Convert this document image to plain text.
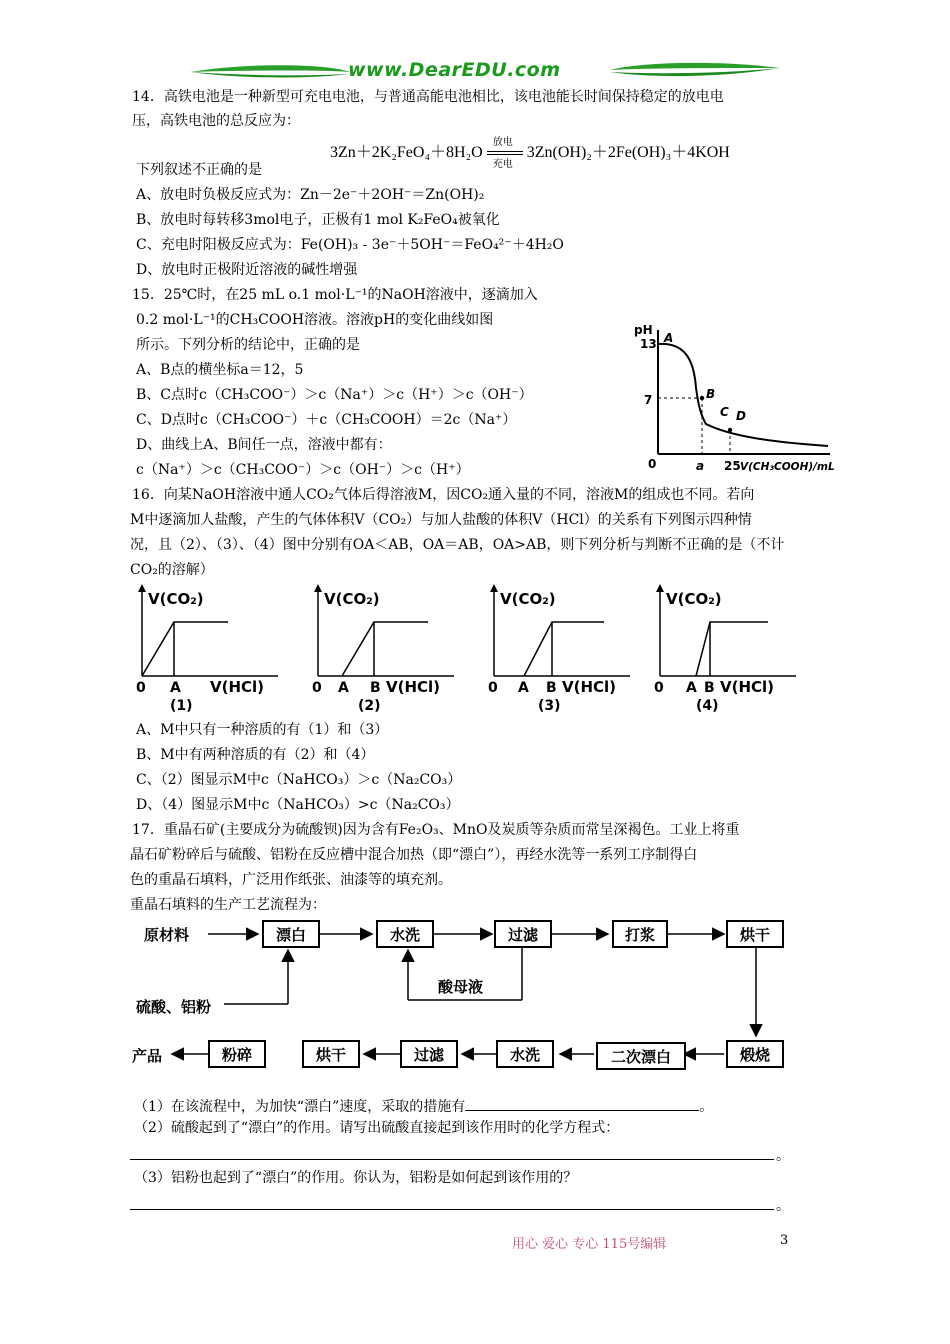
www.DearEDU.com
14．高铁电池是一种新型可充电电池，与普通高能电池相比，该电池能长时间保持稳定的放电电
压，高铁电池的总反应为：
3Zn＋2K₂FeO₄＋8H₂O
放电
充电
3Zn(OH)₂＋2Fe(OH)₃＋4KOH
下列叙述不正确的是
A、放电时负极反应式为：Zn－2e⁻＋2OH⁻＝Zn(OH)₂
B、放电时每转移3mol电子，正极有1 mol K₂FeO₄被氧化
C、充电时阳极反应式为：Fe(OH)₃ - 3e⁻＋5OH⁻＝FeO₄²⁻＋4H₂O
D、放电时正极附近溶液的碱性增强
15．25℃时，在25 mL o.1 mol·L⁻¹的NaOH溶液中，逐滴加入
0.2 mol·L⁻¹的CH₃COOH溶液。溶液pH的变化曲线如图
所示。下列分析的结论中，正确的是
A、B点的横坐标a＝12，5
B、C点时c（CH₃COO⁻）＞c（Na⁺）＞c（H⁺）＞c（OH⁻）
C、D点时c（CH₃COO⁻）＋c（CH₃COOH）＝2c（Na⁺）
D、曲线上A、B间任一点，溶液中都有：
c（Na⁺）＞c（CH₃COO⁻）＞c（OH⁻）＞c（H⁺）
pH
13
7
0	a 25 V(CH₃COOH)/mL
A
B
C D
16．向某NaOH溶液中通人CO₂气体后得溶液M，因CO₂通入量的不同，溶液M的组成也不同。若向
M中逐滴加人盐酸，产生的气体体积V（CO₂）与加人盐酸的体积V（HCl）的关系有下列图示四种情
况，且（2）、（3）、（4）图中分别有OA＜AB，OA＝AB，OA>AB，则下列分析与判断不正确的是（不计
CO₂的溶解）
V(CO₂)
0 A V(HCl)
(1)
V(CO₂)
0 A B V(HCl)
(2)
V(CO₂)
0 A B V(HCl)
(3)
V(CO₂)
0 A B V(HCl)
(4)
A、M中只有一种溶质的有（1）和（3）
B、M中有两种溶质的有（2）和（4）
C、（2）图显示M中c（NaHCO₃）＞c（Na₂CO₃）
D、（4）图显示M中c（NaHCO₃）>c（Na₂CO₃）
17．重晶石矿(主要成分为硫酸钡)因为含有Fe₂O₃、MnO及炭质等杂质而常呈深褐色。工业上将重
晶石矿粉碎后与硫酸、铝粉在反应槽中混合加热（即“漂白”），再经水洗等一系列工序制得白
色的重晶石填料，广泛用作纸张、油漆等的填充剂。
重晶石填料的生产工艺流程为：
原材料	漂白	水洗	过滤	打浆	烘干
酸母液
硫酸、铝粉
煅烧
二次漂白
水洗
过滤
烘干
粉碎
产品
（1）在该流程中，为加快“漂白”速度，采取的措施有	。
（2）硫酸起到了“漂白”的作用。请写出硫酸直接起到该作用时的化学方程式：
。
（3）铝粉也起到了“漂白”的作用。你认为，铝粉是如何起到该作用的？
。
用心 爱心 专心 115号编辑	3
